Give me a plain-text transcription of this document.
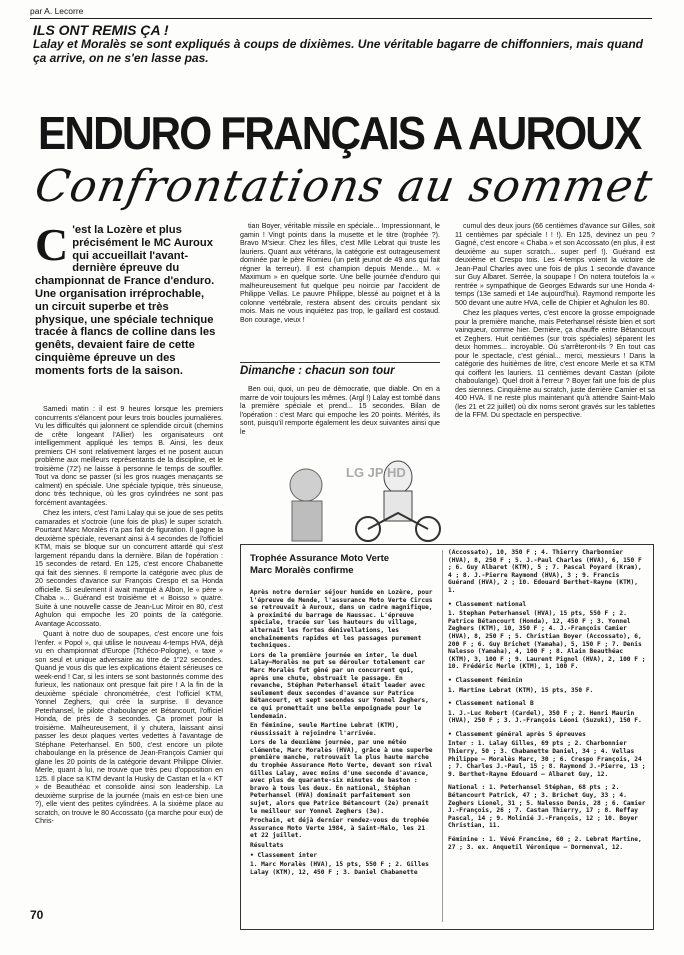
par A. Lecorre
ILS ONT REMIS ÇA !
Lalay et Moralès se sont expliqués à coups de dixièmes. Une véritable bagarre de chiffonniers, mais quand ça arrive, on ne s'en lasse pas.
ENDURO FRANÇAIS A AUROUX
Confrontations au sommet
C 'est la Lozère et plus précisément le MC Auroux qui accueillait l'avant-dernière épreuve du championnat de France d'enduro. Une organisation irréprochable, un circuit superbe et très physique, une spéciale technique tracée à flancs de colline dans les genêts, devaient faire de cette cinquième épreuve un des moments forts de la saison.

Samedi matin : il est 9 heures lorsque les premiers concurrents s'élancent pour leurs trois boucles journalières. Vu les difficultés qui jalonnent ce splendide circuit (chemins de crête longeant l'Allier) les organisateurs ont intelligemment appliqué les temps B. Ainsi, les deux premiers CH sont relativement larges et ne posent aucun problème aux meilleurs représentants de la discipline, et le troisième (72') ne laisse à personne le temps de souffler. Tout va donc se passer (si les gros nuages menaçants se calment) en spéciale. Une spéciale typique, très sinueuse, donc très technique, où les gros cylindrées ne sont pas forcément avantagées.

Chez les inters, c'est l'ami Lalay qui se joue de ses petits camarades et s'octroie (une fois de plus) le super scratch. Pourtant Marc Moralès n'a pas fait de figuration. Il gagne la deuxième spéciale, revenant ainsi à 4 secondes de l'officiel KTM, mais se bloque sur un concurrent attardé qui s'est largement répandu dans la dernière. Bilan de l'opération : 15 secondes de retard. En 125, c'est encore Chabanette qui fait des siennes. Il remporte la catégorie avec plus de 20 secondes d'avance sur François Crespo et sa Honda officielle. Si seulement il avait marqué à Albon, le « père » Chaba »... Guérand est troisième et « Boisso » quatre. Suite à une nouvelle casse de Jean-Luc Miroir en 80, c'est Aghulon qui empoche les 20 points de la catégorie. Avantage Accossato.

Quant à notre duo de soupapes, c'est encore une fois l'enfer. « Popol », qui utilise le nouveau 4-temps HVA, déjà vu en championnat d'Europe (Tchéco-Pologne), « taxe » son seul et unique adversaire au titre de 1"22 secondes. Quand je vous dis que les explications étaient sérieuses ce week-end ! Car, si les inters se sont bastonnés comme des furieux, les nationaux ont presque fait pire ! A la fin de la deuxième spéciale chronométrée, c'est l'officiel KTM, Yonnel Zeghers, qui crée la surprise. Il devance Peterhansel, le pilote chaboulange et Bétancourt, l'officiel Honda, de près de 3 secondes. Ça promet pour la troisième. Malheureusement, il y chutera, laissant ainsi passer les deux plaques vertes vedettes à l'avantage de Stéphane Peterhansel. En 500, c'est encore un pilote chaboulange en la présence de Jean-François Camier qui glane les 20 points de la catégorie devant Philippe Olivier. Merle, quant à lui, ne trouve que très peu d'opposition en 125. Il place sa KTM devant la Husky de Castan et la « KT » de Beauthéac et consolide ainsi son leadership. La deuxième surprise de la journée (mais en est-ce bien une ?), elle vient des petites cylindrées. A la sixième place au scratch, on trouve le 80 Accossato (ça marche pour eux) de Chris-

tian Boyer, véritable missile en spéciale... Impressionnant, le gamin ! Vingt points dans la musette et le titre (trophée ?). Bravo M'sieur. Chez les filles, c'est Mlle Lebrat qui truste les lauriers. Quant aux vétérans, la catégorie est outrageusement dominée par le père Romieu (un petit jeunot de 49 ans qui fait régner la terreur). Il est champion depuis Mende... M. « Maximum » en quelque sorte. Une belle journée d'enduro qui malheureusement fut quelque peu noircie par l'accident de Philippe Vellas. Le pauvre Philippe, blessé au poignet et à la colonne vertébrale, restera absent des circuits pendant six mois. Mais ne vous inquiétez pas trop, le gaillard est costaud. Bon courage, vieux !

Dimanche : chacun son tour

Ben oui, quoi, un peu de démocratie, que diable. On en a marre de voir toujours les mêmes. (Argl !) Lalay est tombé dans la première spéciale et prend... 15 secondes. Bilan de l'opération : c'est Marc qui empoche les 20 points. Mérités, ils sont, puisqu'il remporte également les deux suivantes ainsi que le

LG JP HD

cumul des deux jours (66 centièmes d'avance sur Gilles, soit 11 centièmes par spéciale ! ! !). En 125, devinez un peu ? Gagné, c'est encore « Chaba » et son Accossato (en plus, il est deuxième au super scratch... super perf !). Guérand est deuxième et Crespo tois. Les 4-temps voient la victoire de Jean-Paul Charles avec une fois de plus 1 seconde d'avance sur Guy Albaret. Serrée, la soupape ! On notera toutefois la « rentrée » sympathique de Georges Edwards sur une Honda 4-temps (13e samedi et 14e aujourd'hui). Raymond remporte les 500 devant une autre HVA, celle de Chipier et Aghulon les 80.

Chez les plaques vertes, c'est encore la grosse empoignade pour la première manche, mais Peterhansel résiste bien et sort vainqueur, comme hier. Dernière, ça chauffe entre Bétancourt et Zeghers. Huit centièmes (sur trois spéciales) séparent les deux hommes... incroyable. Où s'arrêteront-ils ? En tout cas pour le spectacle, c'est génial... merci, messieurs ! Dans la catégorie des huitièmes de litre, c'est encore Merle et sa KTM qui coiffent les lauriers. 11 centièmes devant Castan (pilote chaboulange). Quel droit à l'erreur ? Boyer fait une fois de plus des siennes. Cinquième au scratch, juste derrière Camier et sa 400 HVA. Il ne reste plus maintenant qu'à attendre Saint-Malo (les 21 et 22 juillet) où dix noms seront gravés sur les tablettes de la FFM. Du spectacle en perspective.

Trophée Assurance Moto Verte
Marc Moralès confirme

Après notre dernier séjour humide en Lozère, pour l'épreuve de Mende, l'assurance Moto Verte Circus se retrouvait à Auroux, dans un cadre magnifique, à proximité du barrage de Naussac. L'épreuve spéciale, tracée sur les hauteurs du village, alternait les fortes dénivellations, les enchaînements rapides et les passages purement techniques.

Lors de la première journée en inter, le duel Lalay—Moralès ne put se dérouler totalement car Marc Moralès fut gêné par un concurrent qui, après une chute, obstruait le passage. En revanche, Stéphan Peterhansel était leader avec seulement deux secondes d'avance sur Patrice Bétancourt, et sept secondes sur Yonnel Zeghers, ce qui promettait une belle empoignade pour le lendemain.

En féminine, seule Martine Lebrat (KTM), réussissait à rejoindre l'arrivée.

Lors de la deuxième journée, par une météo clémente, Marc Moralès (HVA), grâce à une superbe première manche, retrouvait la plus haute marche du trophée Assurance Moto Verte, devant son rival Gilles Lalay, avec moins d'une seconde d'avance, avec plus de quarante-six minutes de baston : bravo à tous les deux. En national, Stéphan Peterhansel (HVA) dominait parfaitement son sujet, alors que Patrice Bétancourt (2e) prenait le meilleur sur Yonnel Zeghers (3e).

Prochain, et déjà dernier rendez-vous du trophée Assurance Moto Verte 1984, à Saint-Malo, les 21 et 22 juillet.

Résultats

• Classement inter

1. Marc Moralès (HVA), 15 pts, 550 F ; 2. Gilles Lalay (KTM), 12, 450 F ; 3. Daniel Chabanette

(Accossato), 10, 350 F ; 4. Thierry Charbonnier (HVA), 8, 250 F ; 5. J.-Paul Charles (HVA), 6, 150 F ; 6. Guy Albaret (KTM), 5 ; 7. Pascal Poyard (Kram), 4 ; 8. J.-Pierre Raymond (HVA), 3 ; 9. Francis Guérand (HVA), 2 ; 10. Edouard Berthet-Rayne (KTM), 1.

• Classement national

1. Stephan Peterhansel (HVA), 15 pts, 550 F ; 2. Patrice Bétancourt (Honda), 12, 450 F ; 3. Yonnel Zeghers (KTM), 10, 350 F ; 4. J.-François Camier (HVA), 8, 250 F ; 5. Christian Boyer (Accossato), 6, 200 F ; 6. Guy Brichet (Yamaha), 5, 150 F ; 7. Denis Nalesso (Yamaha), 4, 100 F ; 8. Alain Beauthéac (KTM), 3, 100 F ; 9. Laurent Pignol (HVA), 2, 100 F ; 10. Frédéric Merle (KTM), 1, 100 F.

• Classement féminin

1. Martine Lebrat (KTM), 15 pts, 350 F.

• Classement national B

1. J.-Luc Robert (Cardel), 350 F ; 2. Henri Maurin (HVA), 250 F ; 3. J.-François Léoni (Suzuki), 150 F.

• Classement général après 5 épreuves

Inter : 1. Lalay Gilles, 69 pts ; 2. Charbonnier Thierry, 50 ; 3. Chabanette Daniel, 34 ; 4. Vellas Philippe — Moralès Marc, 30 ; 6. Crespo François, 24 ; 7. Charles J.-Paul, 15 ; 8. Raymond J.-Pierre, 13 ; 9. Berthet-Rayne Edouard — Albaret Guy, 12.

National : 1. Peterhansel Stéphan, 68 pts ; 2. Bétancourt Patrick, 47 ; 3. Brichet Guy, 33 ; 4. Zeghers Lionel, 31 ; 5. Nalesso Denis, 28 ; 6. Camier J.-François, 26 ; 7. Castan Thierry, 17 ; 8. Reffay Pascal, 14 ; 9. Molinié J.-François, 12 ; 10. Boyer Christian, 11.

Féminine : 1. Vévé Francine, 60 ; 2. Lebrat Martine, 27 ; 3. ex. Anquetil Véronique — Dormenval, 12.

70
